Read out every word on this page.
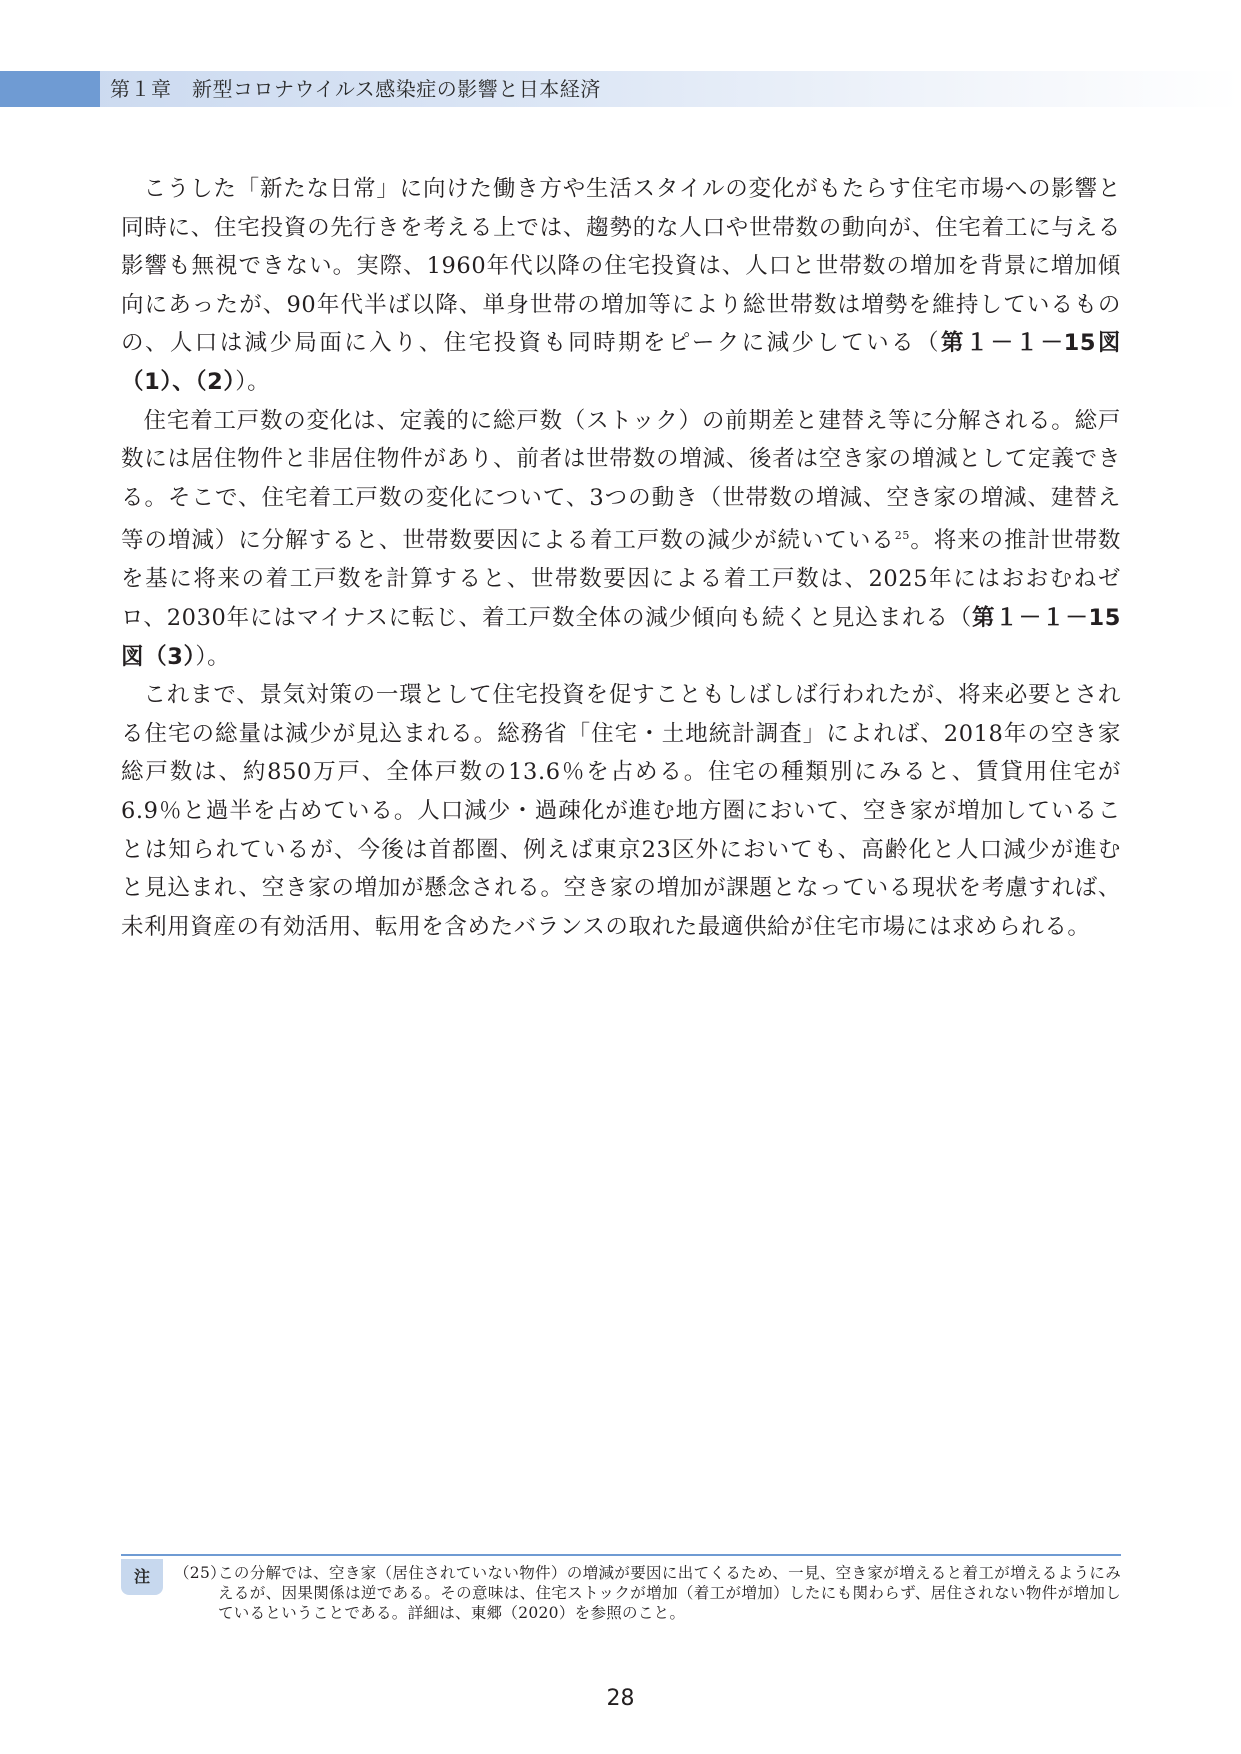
第１章　新型コロナウイルス感染症の影響と日本経済

こうした「新たな日常」に向けた働き方や生活スタイルの変化がもたらす住宅市場への影響と同時に、住宅投資の先行きを考える上では、趨勢的な人口や世帯数の動向が、住宅着工に与える影響も無視できない。実際、1960年代以降の住宅投資は、人口と世帯数の増加を背景に増加傾向にあったが、90年代半ば以降、単身世帯の増加等により総世帯数は増勢を維持しているものの、人口は減少局面に入り、住宅投資も同時期をピークに減少している（第１－１－15図（1）、（2））。

住宅着工戸数の変化は、定義的に総戸数（ストック）の前期差と建替え等に分解される。総戸数には居住物件と非居住物件があり、前者は世帯数の増減、後者は空き家の増減として定義できる。そこで、住宅着工戸数の変化について、3つの動き（世帯数の増減、空き家の増減、建替え等の増減）に分解すると、世帯数要因による着工戸数の減少が続いている$^{25}$。将来の推計世帯数を基に将来の着工戸数を計算すると、世帯数要因による着工戸数は、2025年にはおおむねゼロ、2030年にはマイナスに転じ、着工戸数全体の減少傾向も続くと見込まれる（第１－１－15図（3））。

これまで、景気対策の一環として住宅投資を促すこともしばしば行われたが、将来必要とされる住宅の総量は減少が見込まれる。総務省「住宅・土地統計調査」によれば、2018年の空き家総戸数は、約850万戸、全体戸数の13.6％を占める。住宅の種類別にみると、賃貸用住宅が6.9％と過半を占めている。人口減少・過疎化が進む地方圏において、空き家が増加していることは知られているが、今後は首都圏、例えば東京23区外においても、高齢化と人口減少が進むと見込まれ、空き家の増加が懸念される。空き家の増加が課題となっている現状を考慮すれば、未利用資産の有効活用、転用を含めたバランスの取れた最適供給が住宅市場には求められる。

注	（25）
この分解では、空き家（居住されていない物件）の増減が要因に出てくるため、一見、空き家が増えると着工が増えるようにみえるが、因果関係は逆である。その意味は、住宅ストックが増加（着工が増加）したにも関わらず、居住されない物件が増加しているということである。詳細は、東郷（2020）を参照のこと。
28
